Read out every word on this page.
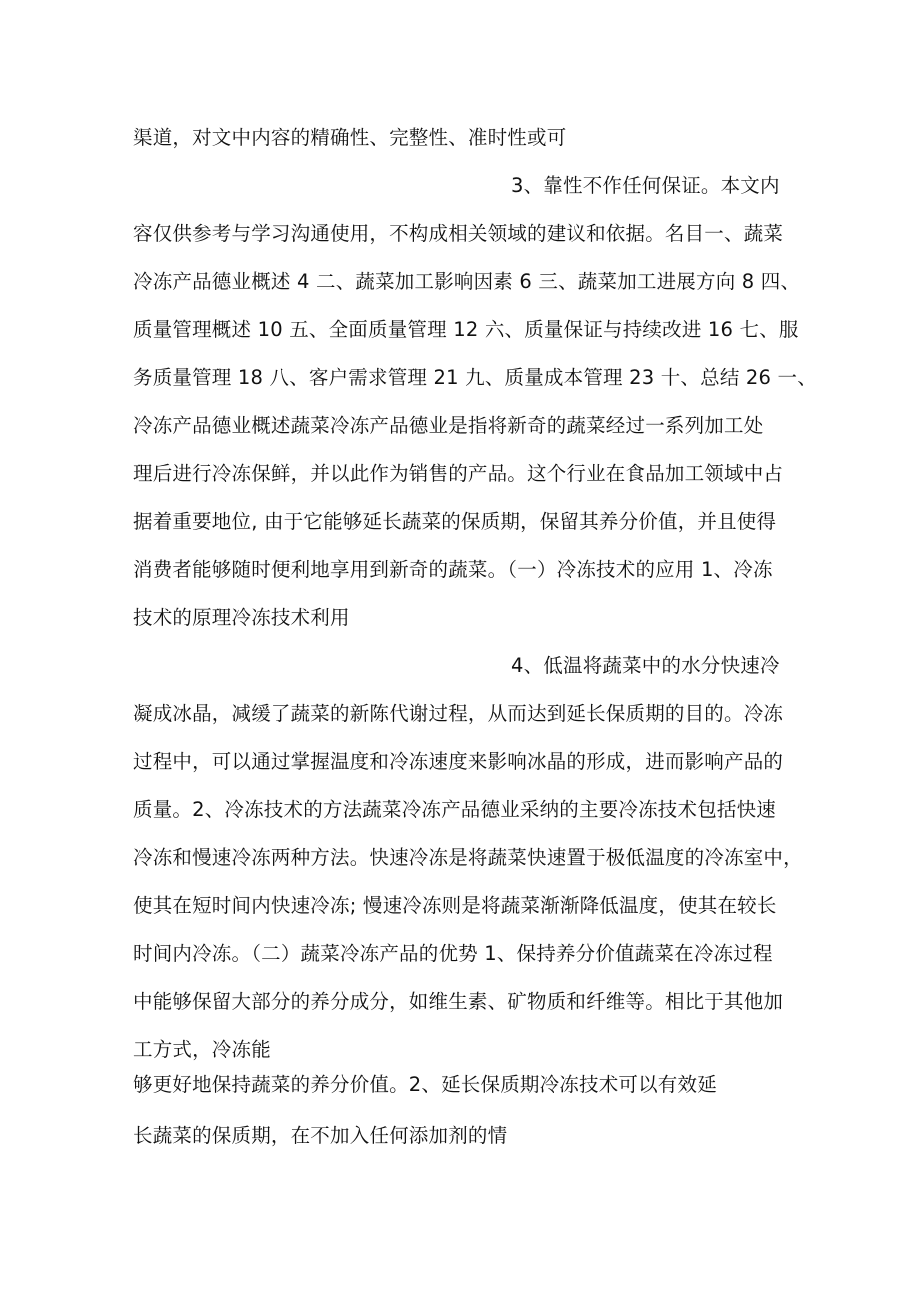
渠道，对文中内容的精确性、完整性、准时性或可
3、靠性不作任何保证。本文内
容仅供参考与学习沟通使用，不构成相关领域的建议和依据。名目一、蔬菜
冷冻产品德业概述 4 二、蔬菜加工影响因素 6 三、蔬菜加工进展方向 8 四、
质量管理概述 10 五、全面质量管理 12 六、质量保证与持续改进 16 七、服
务质量管理 18 八、客户需求管理 21 九、质量成本管理 23 十、总结 26 一、
冷冻产品德业概述蔬菜冷冻产品德业是指将新奇的蔬菜经过一系列加工处
理后进行冷冻保鲜，并以此作为销售的产品。这个行业在食品加工领域中占
据着重要地位, 由于它能够延长蔬菜的保质期，保留其养分价值，并且使得
消费者能够随时便利地享用到新奇的蔬菜。（一）冷冻技术的应用 1、冷冻
技术的原理冷冻技术利用
4、低温将蔬菜中的水分快速冷
凝成冰晶，减缓了蔬菜的新陈代谢过程，从而达到延长保质期的目的。冷冻
过程中，可以通过掌握温度和冷冻速度来影响冰晶的形成，进而影响产品的
质量。2、冷冻技术的方法蔬菜冷冻产品德业采纳的主要冷冻技术包括快速
冷冻和慢速冷冻两种方法。快速冷冻是将蔬菜快速置于极低温度的冷冻室中，
使其在短时间内快速冷冻; 慢速冷冻则是将蔬菜渐渐降低温度，使其在较长
时间内冷冻。（二）蔬菜冷冻产品的优势 1、保持养分价值蔬菜在冷冻过程
中能够保留大部分的养分成分，如维生素、矿物质和纤维等。相比于其他加
工方式，冷冻能
够更好地保持蔬菜的养分价值。2、延长保质期冷冻技术可以有效延
长蔬菜的保质期，在不加入任何添加剂的情
